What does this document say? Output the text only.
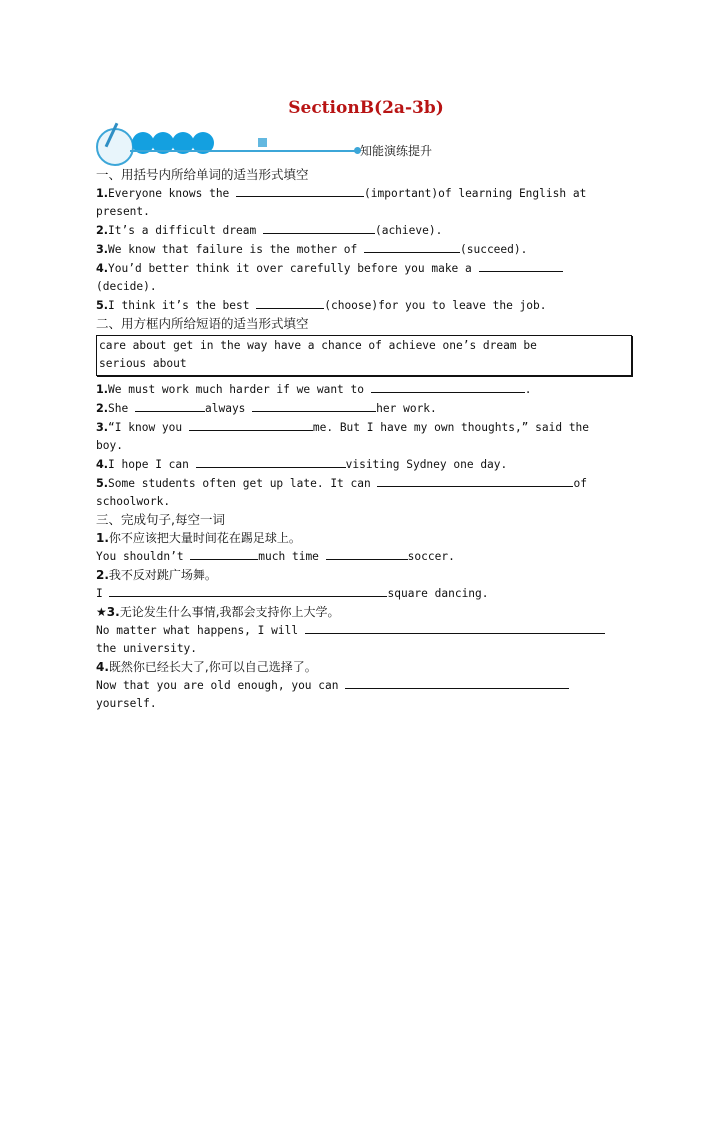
SectionB(2a-3b)
知能演练提升
一、用括号内所给单词的适当形式填空
1.Everyone knows the	(important)of learning English at
present.
2.It’s a difficult dream	(achieve).
3.We know that failure is the mother of	(succeed).
4.You’d better think it over carefully before you make a
(decide).
5.I think it’s the best	(choose)for you to leave the job.
二、用方框内所给短语的适当形式填空
care about get in the way have a chance of achieve one’s dream be
serious about
1.We must work much harder if we want to	.
2.She	always	her work.
3.“I know you	me. But I have my own thoughts,” said the
boy.
4.I hope I can	visiting Sydney one day.
5.Some students often get up late. It can	of
schoolwork.
三、完成句子,每空一词
1.你不应该把大量时间花在踢足球上。
You shouldn’t	much time	soccer.
2.我不反对跳广场舞。
I	square dancing.
★3.无论发生什么事情,我都会支持你上大学。
No matter what happens, I will
the university.
4.既然你已经长大了,你可以自己选择了。
Now that you are old enough, you can
yourself.
